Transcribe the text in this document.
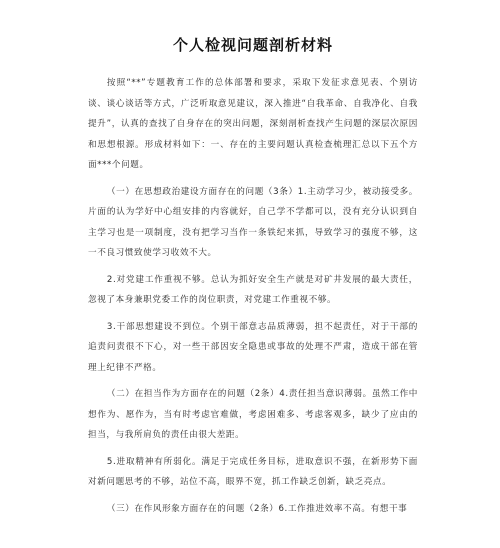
个人检视问题剖析材料

按照“**”专题教育工作的总体部署和要求，采取下发征求意见表、个别访谈、谈心谈话等方式，广泛听取意见建议，深入推进“自我革命、自我净化、自我提升”，认真的查找了自身存在的突出问题，深刻剖析查找产生问题的深层次原因和思想根源。形成材料如下：一、存在的主要问题认真检查梳理汇总以下五个方面***个问题。

（一）在思想政治建设方面存在的问题（3条）1.主动学习少，被动接受多。片面的认为学好中心组安排的内容就好，自己学不学都可以，没有充分认识到自主学习也是一项制度，没有把学习当作一条铁纪来抓，导致学习的强度不够，这一不良习惯致使学习收效不大。

2.对党建工作重视不够。总认为抓好安全生产就是对矿井发展的最大责任，忽视了本身兼职党委工作的岗位职责，对党建工作重视不够。

3.干部思想建设不到位。个别干部意志品质薄弱，担不起责任，对于干部的追责问责很不下心，对一些干部因安全隐患或事故的处理不严肃，造成干部在管理上纪律不严格。

（二）在担当作为方面存在的问题（2条）4.责任担当意识薄弱。虽然工作中想作为、愿作为，当有时考虑官难做，考虑困难多、考虑客观多，缺少了应由的担当，与我所肩负的责任由很大差距。

5.进取精神有所弱化。满足于完成任务目标，进取意识不强，在新形势下面对新问题思考的不够，站位不高，眼界不宽，抓工作缺乏创新，缺乏亮点。

（三）在作风形象方面存在的问题（2条）6.工作推进效率不高。有想干事
